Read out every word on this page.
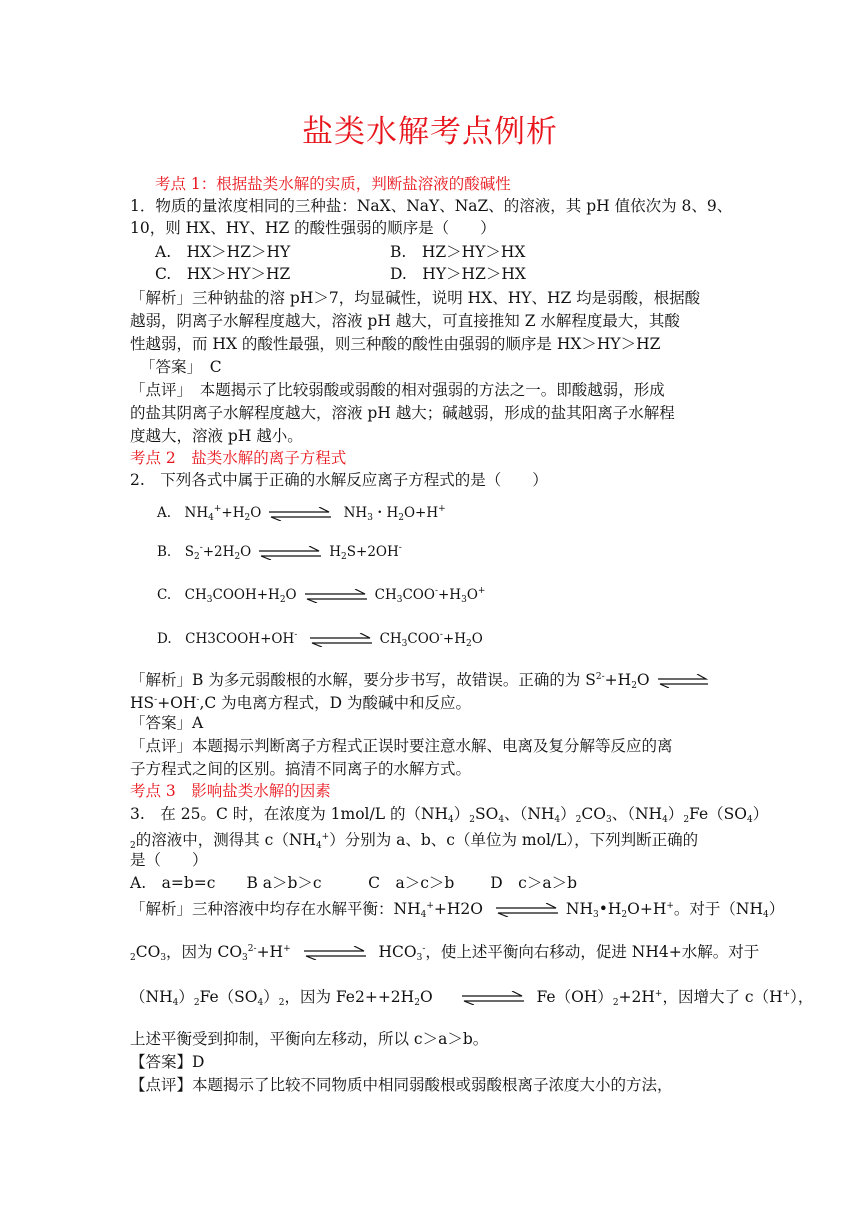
盐类水解考点例析
考点 1：根据盐类水解的实质，判断盐溶液的酸碱性
1．物质的量浓度相同的三种盐：NaX、NaY、NaZ、的溶液，其 pH 值依次为 8、9、
10，则 HX、HY、HZ 的酸性强弱的顺序是（　　）
A.　HX＞HZ＞HY	B.　HZ＞HY＞HX
C.　HX＞HY＞HZ	D.　HY＞HZ＞HX
「解析」三种钠盐的溶 pH＞7，均显碱性，说明 HX、HY、HZ 均是弱酸，根据酸
越弱，阴离子水解程度越大，溶液 pH 越大，可直接推知 Z 水解程度最大，其酸
性越弱，而 HX 的酸性最强，则三种酸的酸性由强弱的顺序是 HX＞HY＞HZ
「答案」　C
「点评」　本题揭示了比较弱酸或弱酸的相对强弱的方法之一。即酸越弱，形成
的盐其阴离子水解程度越大，溶液 pH 越大；碱越弱，形成的盐其阳离子水解程
度越大，溶液 pH 越小。
考点 2　盐类水解的离子方程式
2.　下列各式中属于正确的水解反应离子方程式的是（　　）
A.　$NH_4^++H_2O$	$NH_3$・$H_2O+H^+$
B.　$S_2^-+2H_2O$	$H_2S+2OH^-$
C.　$CH_3COOH+H_2O$	$CH_3COO^-+H_3O^+$
D.　CH3COOH+OH-	$CH_3COO^-+H_2O$
「解析」B 为多元弱酸根的水解，要分步书写，故错误。正确的为 $S^{2-}+H_2O$ ⇌
HS-+OH-,C 为电离方程式，D 为酸碱中和反应。
「答案」A
「点评」本题揭示判断离子方程式正误时要注意水解、电离及复分解等反应的离
子方程式之间的区别。搞清不同离子的水解方式。
考点 3　影响盐类水解的因素
3.　在 25。C 时，在浓度为 1mol/L 的$(NH_4)_2SO_4$、$(NH_4)_2CO_3$、$(NH_4)_2Fe(SO_4)$
$_2$的溶液中，测得其 $c(NH_4^+)$分别为 a、b、c（单位为 mol/L），下列判断正确的
是（　　）
A.　a=b=c　　B a＞b＞c　　　C　a＞c＞b　　 D　c＞a＞b
「解析」三种溶液中均存在水解平衡：$NH_4^++H2O$	$NH_3•H_2O+H^+$。对于$(NH_4)$
$_2CO_3$，因为 $CO_3^{2-}+H^+$	$HCO_3^-$，使上述平衡向右移动，促进 NH4+水解。对于
$(NH_4)_2Fe(SO_4)_2$，因为 $Fe2++2H_2O$	$Fe(OH)_2+2H^+$，因增大了 c（H+），
上述平衡受到抑制，平衡向左移动，所以 c＞a＞b。
【答案】D
【点评】本题揭示了比较不同物质中相同弱酸根或弱酸根离子浓度大小的方法，
